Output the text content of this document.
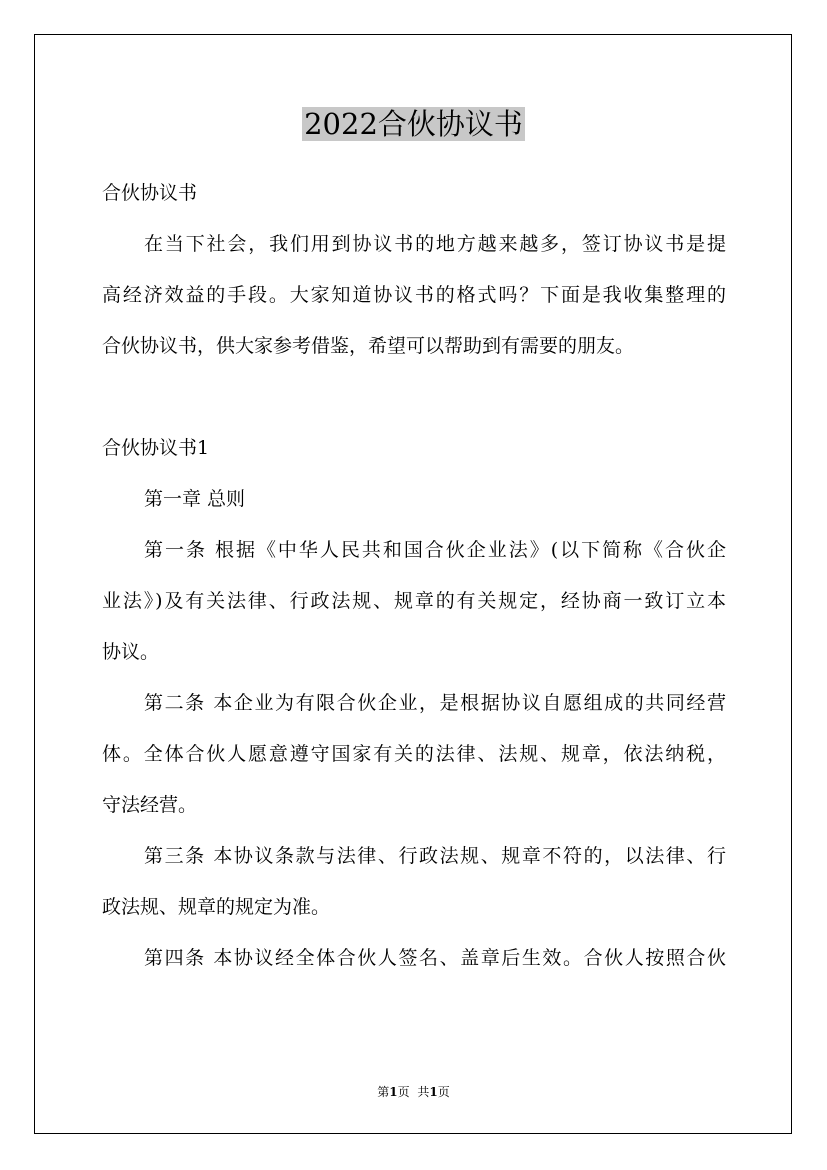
2022合伙协议书
合伙协议书
在当下社会，我们用到协议书的地方越来越多，签订协议书是提
高经济效益的手段。大家知道协议书的格式吗？下面是我收集整理的
合伙协议书，供大家参考借鉴，希望可以帮助到有需要的朋友。
合伙协议书1
第一章 总则
第一条 根据《中华人民共和国合伙企业法》(以下简称《合伙企
业法》)及有关法律、行政法规、规章的有关规定，经协商一致订立本
协议。
第二条 本企业为有限合伙企业，是根据协议自愿组成的共同经营
体。全体合伙人愿意遵守国家有关的法律、法规、规章，依法纳税，
守法经营。
第三条 本协议条款与法律、行政法规、规章不符的，以法律、行
政法规、规章的规定为准。
第四条 本协议经全体合伙人签名、盖章后生效。合伙人按照合伙
第1页 共1页
